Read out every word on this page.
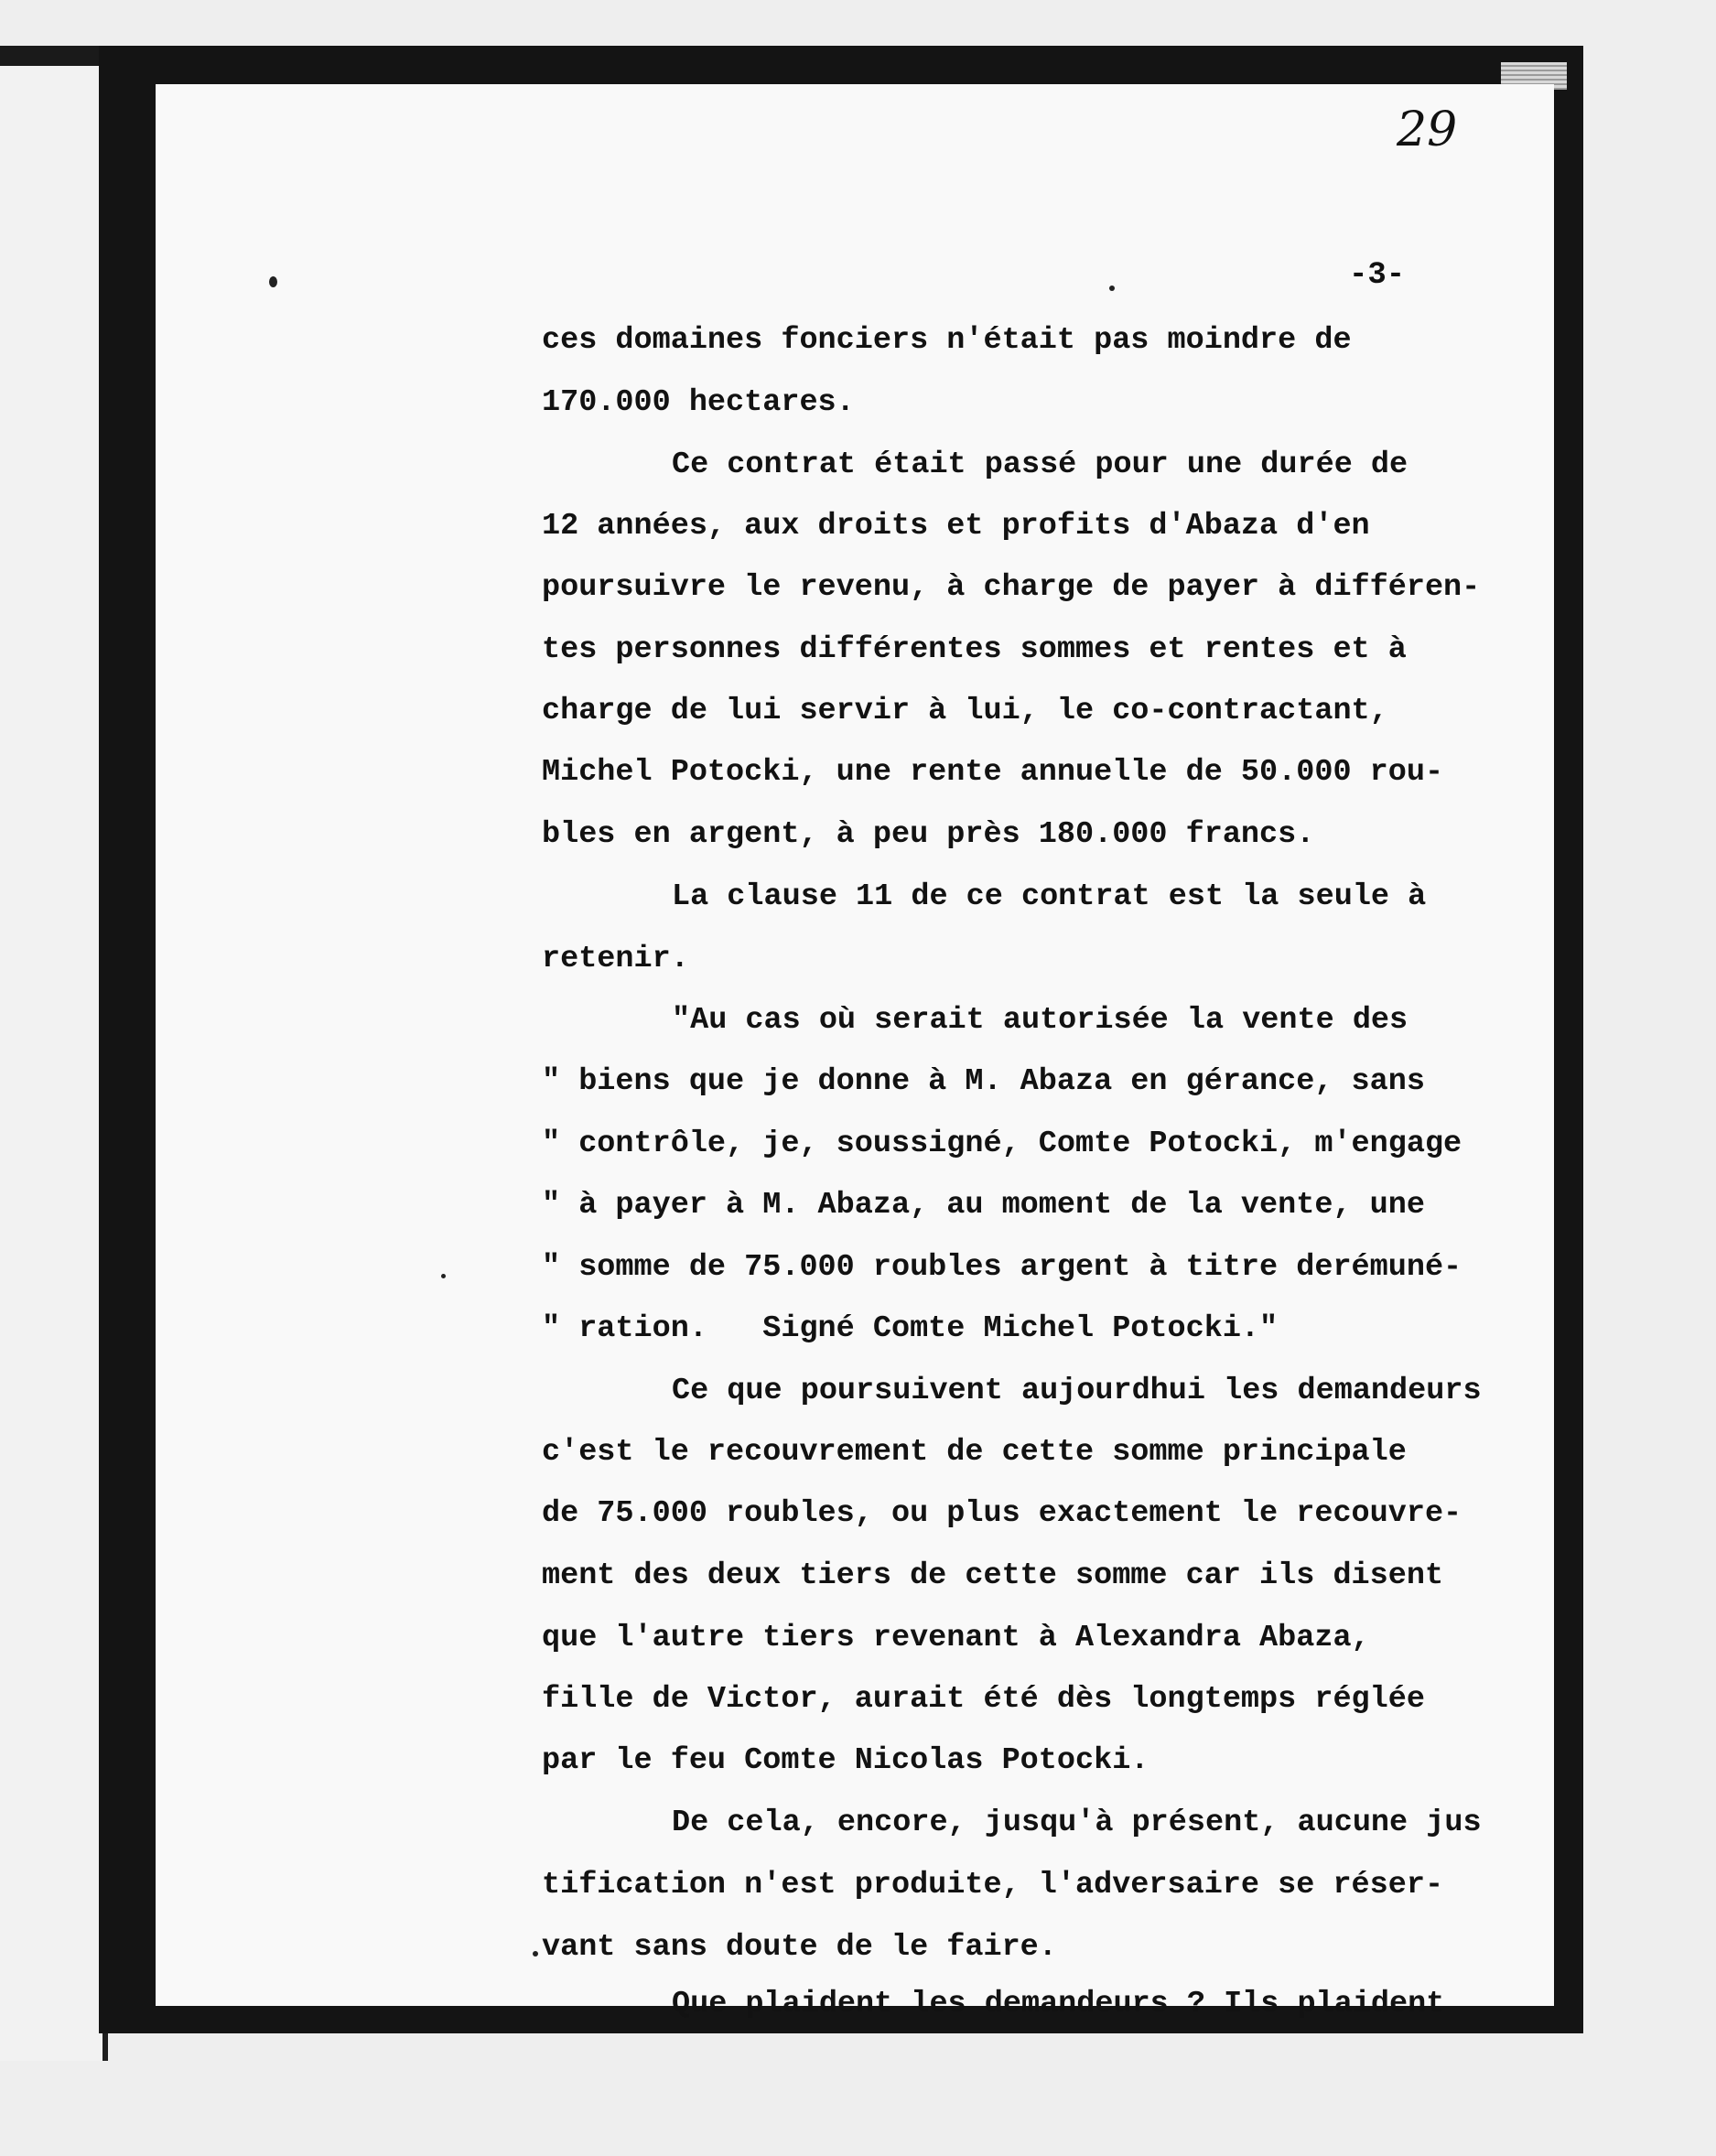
29
-3-
ces domaines fonciers n'était pas moindre de
170.000 hectares.
Ce contrat était passé pour une durée de
12 années, aux droits et profits d'Abaza d'en
poursuivre le revenu, à charge de payer à différen-
tes personnes différentes sommes et rentes et à
charge de lui servir à lui, le co-contractant,
Michel Potocki, une rente annuelle de 50.000 rou-
bles en argent, à peu près 180.000 francs.
La clause 11 de ce contrat est la seule à
retenir.
"Au cas où serait autorisée la vente des
" biens que je donne à M. Abaza en gérance, sans
" contrôle, je, soussigné, Comte Potocki, m'engage
" à payer à M. Abaza, au moment de la vente, une
" somme de 75.000 roubles argent à titre derémuné-
" ration.   Signé Comte Michel Potocki."
Ce que poursuivent aujourdhui les demandeurs
c'est le recouvrement de cette somme principale
de 75.000 roubles, ou plus exactement le recouvre-
ment des deux tiers de cette somme car ils disent
que l'autre tiers revenant à Alexandra Abaza,
fille de Victor, aurait été dès longtemps réglée
par le feu Comte Nicolas Potocki.
De cela, encore, jusqu'à présent, aucune jus
tification n'est produite, l'adversaire se réser-
vant sans doute de le faire.
Que plaident les demandeurs ? Ils plaident
